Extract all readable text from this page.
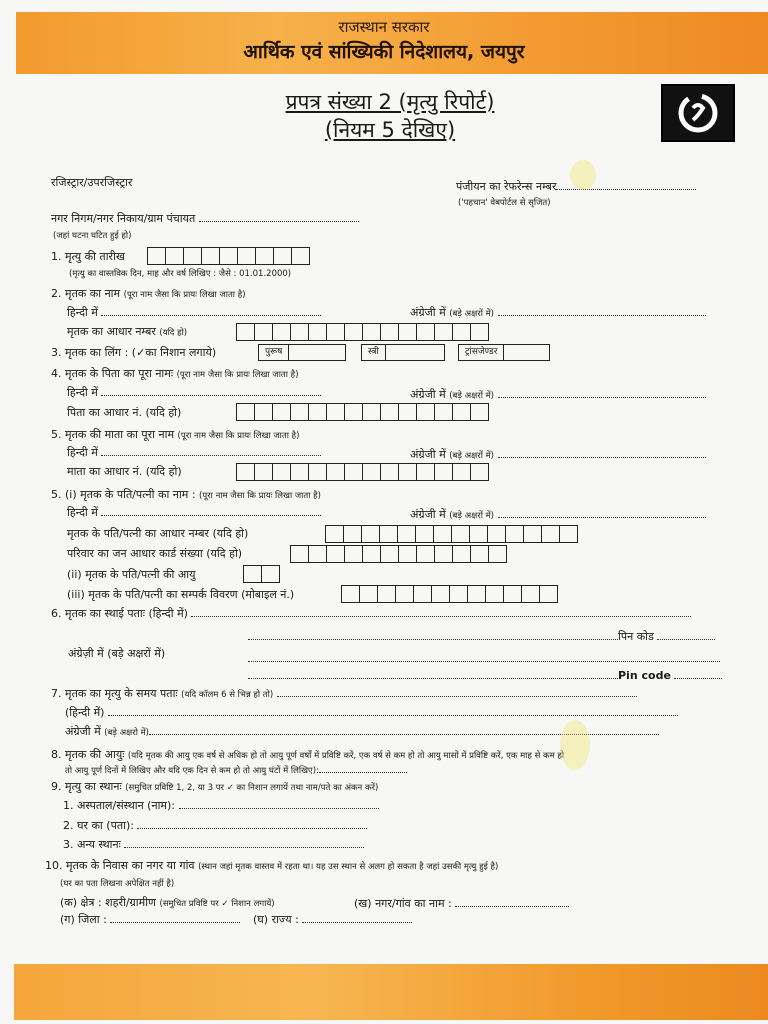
राजस्थान सरकार
आर्थिक एवं सांख्यिकी निदेशालय, जयपुर
प्रपत्र संख्या 2 (मृत्यु रिपोर्ट)
(नियम 5 देखिए)
रजिस्ट्रार/उपरजिस्ट्रार	पंजीयन का रेफरेन्स नम्बर
('पहचान' वेबपोर्टल से सृजित)
नगर निगम/नगर निकाय/ग्राम पंचायत
(जहां घटना घटित हुई हो)
1. मृत्यु की तारीख
(मृत्यु का वास्तविक दिन, माह और वर्ष लिखिए : जैसे : 01.01.2000)
2. मृतक का नाम (पूरा नाम जैसा कि प्रायः लिखा जाता है)
हिन्दी में	अंग्रेजी में (बड़े अक्षरों में)
मृतक का आधार नम्बर (यदि हो)
3. मृतक का लिंग : (✓का निशान लगाये)	पुरूष	स्त्री	ट्रांसजेण्डर
4. मृतक के पिता का पूरा नामः (पूरा नाम जैसा कि प्रायः लिखा जाता है)
हिन्दी में	अंग्रेजी में (बड़े अक्षरों में)
पिता का आधार नं. (यदि हो)
5. मृतक की माता का पूरा नाम (पूरा नाम जैसा कि प्रायः लिखा जाता है)
हिन्दी में	अंग्रेजी में (बड़े अक्षरों में)
माता का आधार नं. (यदि हो)
5. (i) मृतक के पति/पत्नी का नाम : (पूरा नाम जैसा कि प्रायः लिखा जाता है)
हिन्दी में	अंग्रेजी में (बड़े अक्षरों में)
मृतक के पति/पत्नी का आधार नम्बर (यदि हो)
परिवार का जन आधार कार्ड संख्या (यदि हो)
(ii) मृतक के पति/पत्नी की आयु
(iii) मृतक के पति/पत्नी का सम्पर्क विवरण (मोबाइल नं.)
6. मृतक का स्थाई पताः (हिन्दी में)
पिन कोड
अंग्रेज़ी में (बड़े अक्षरों में)
Pin code
7. मृतक का मृत्यु के समय पताः (यदि कॉलम 6 से भिन्न हो तो)
(हिन्दी में)
अंग्रेजी में (बड़े अक्षरो में)
8. मृतक की आयुः (यदि मृतक की आयु एक वर्ष से अधिक हो तो आयु पूर्ण वर्षों में प्रविष्टि करें, एक वर्ष से कम हो तो आयु मासों में प्रविष्टि करें, एक माह से कम हो
तो आयु पूर्ण दिनों में लिखिए और यदि एक दिन से कम हो तो आयु घंटों में लिखिए):
9. मृत्यु का स्थानः (समुचित प्रविष्टि 1, 2, या 3 पर ✓ का निशान लगायें तथा नाम/पते का अंकन करें)
1. अस्पताल/संस्थान (नाम):
2. घर का (पता):
3. अन्य स्थानः
10. मृतक के निवास का नगर या गांव (स्थान जहां मृतक वास्तव में रहता था। यह उस स्थान से अलग हो सकता है जहां उसकी मृत्यु हुई है)
(घर का पता लिखना अपेक्षित नहीं है)
(क) क्षेत्र : शहरी/ग्रामीण (समुचित प्रविष्टि पर ✓ निशान लगायें)	(ख) नगर/गांव का नाम :
(ग) जिला :	(घ) राज्य :
